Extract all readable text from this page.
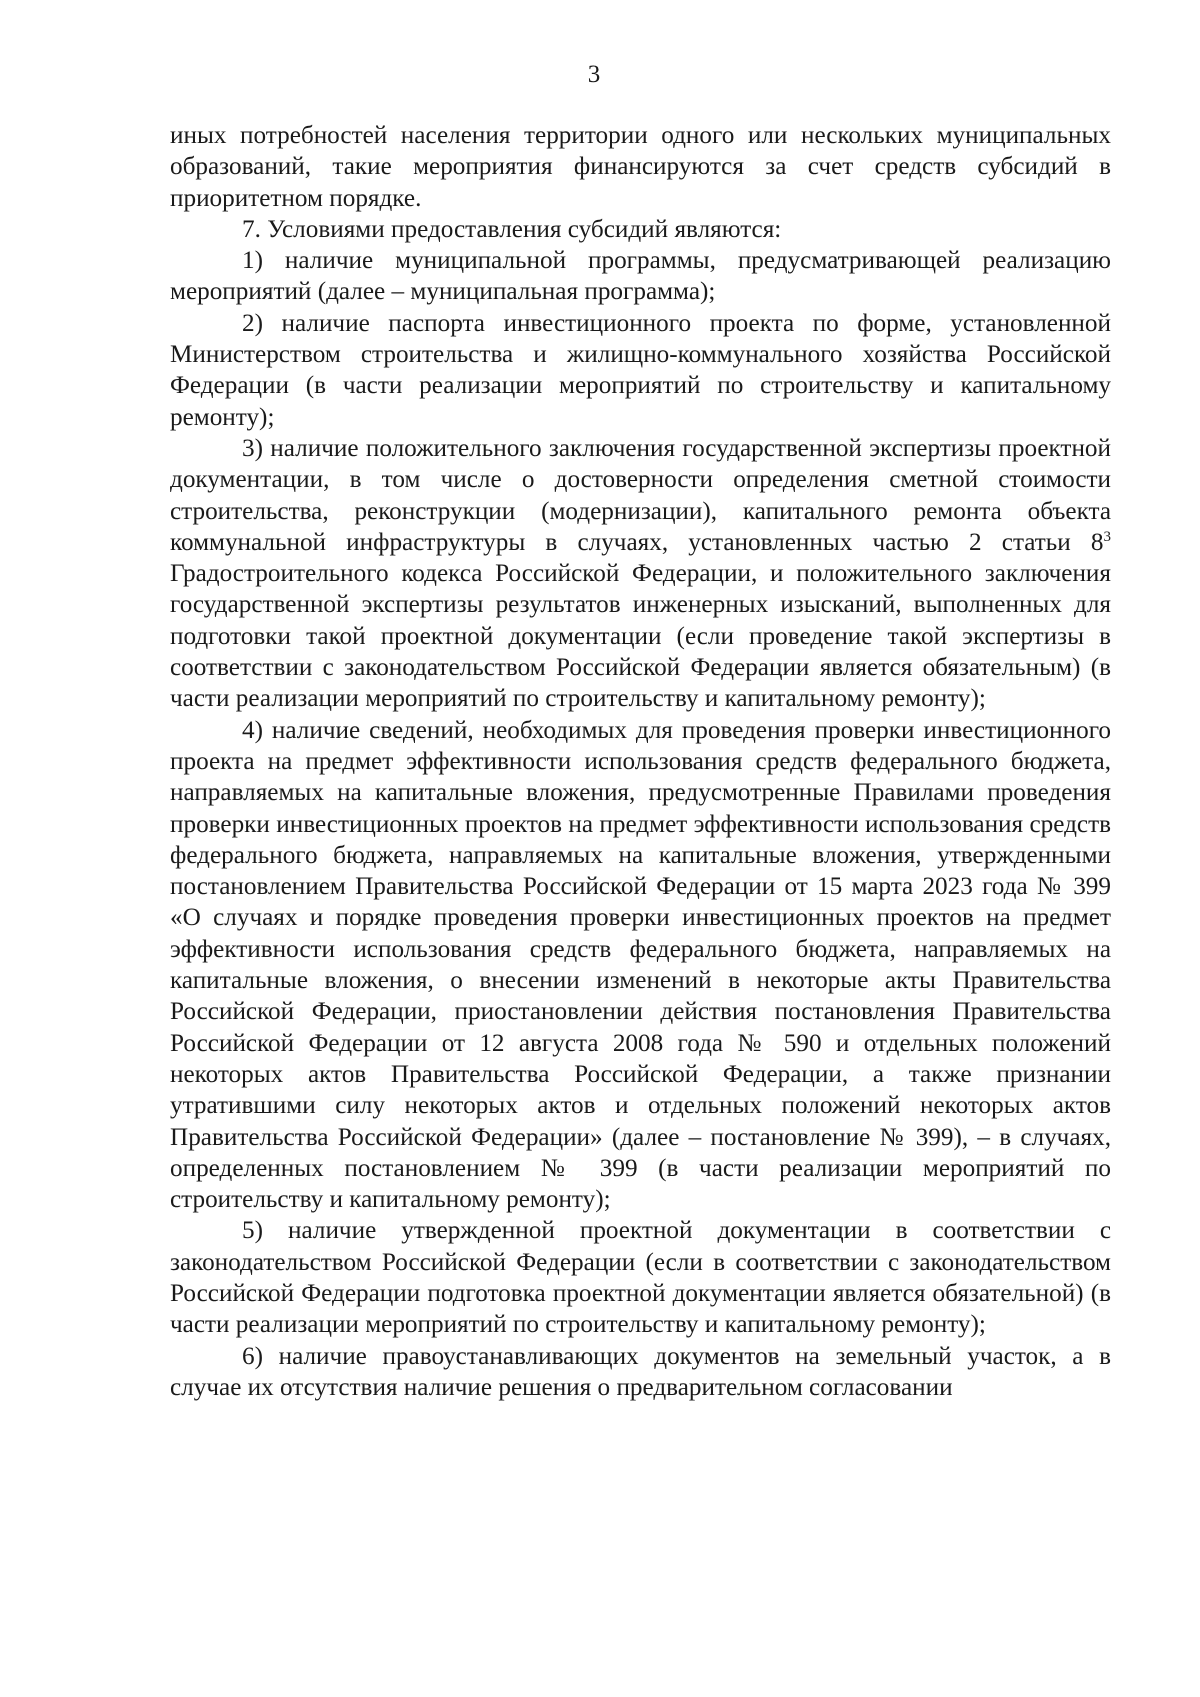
3

иных потребностей населения территории одного или нескольких муниципальных образований, такие мероприятия финансируются за счет средств субсидий в приоритетном порядке.

7. Условиями предоставления субсидий являются:

1) наличие муниципальной программы, предусматривающей реализацию мероприятий (далее – муниципальная программа);

2) наличие паспорта инвестиционного проекта по форме, установленной Министерством строительства и жилищно-коммунального хозяйства Российской Федерации (в части реализации мероприятий по строительству и капитальному ремонту);

3) наличие положительного заключения государственной экспертизы проектной документации, в том числе о достоверности определения сметной стоимости строительства, реконструкции (модернизации), капитального ремонта объекта коммунальной инфраструктуры в случаях, установленных частью 2 статьи $8^3$ Градостроительного кодекса Российской Федерации, и положительного заключения государственной экспертизы результатов инженерных изысканий, выполненных для подготовки такой проектной документации (если проведение такой экспертизы в соответствии с законодательством Российской Федерации является обязательным) (в части реализации мероприятий по строительству и капитальному ремонту);

4) наличие сведений, необходимых для проведения проверки инвестиционного проекта на предмет эффективности использования средств федерального бюджета, направляемых на капитальные вложения, предусмотренные Правилами проведения проверки инвестиционных проектов на предмет эффективности использования средств федерального бюджета, направляемых на капитальные вложения, утвержденными постановлением Правительства Российской Федерации от 15 марта 2023 года № 399 «О случаях и порядке проведения проверки инвестиционных проектов на предмет эффективности использования средств федерального бюджета, направляемых на капитальные вложения, о внесении изменений в некоторые акты Правительства Российской Федерации, приостановлении действия постановления Правительства Российской Федерации от 12 августа 2008 года № 590 и отдельных положений некоторых актов Правительства Российской Федерации, а также признании утратившими силу некоторых актов и отдельных положений некоторых актов Правительства Российской Федерации» (далее – постановление № 399), – в случаях, определенных постановлением № 399 (в части реализации мероприятий по строительству и капитальному ремонту);

5) наличие утвержденной проектной документации в соответствии с законодательством Российской Федерации (если в соответствии с законодательством Российской Федерации подготовка проектной документации является обязательной) (в части реализации мероприятий по строительству и капитальному ремонту);

6) наличие правоустанавливающих документов на земельный участок, а в случае их отсутствия наличие решения о предварительном согласовании
